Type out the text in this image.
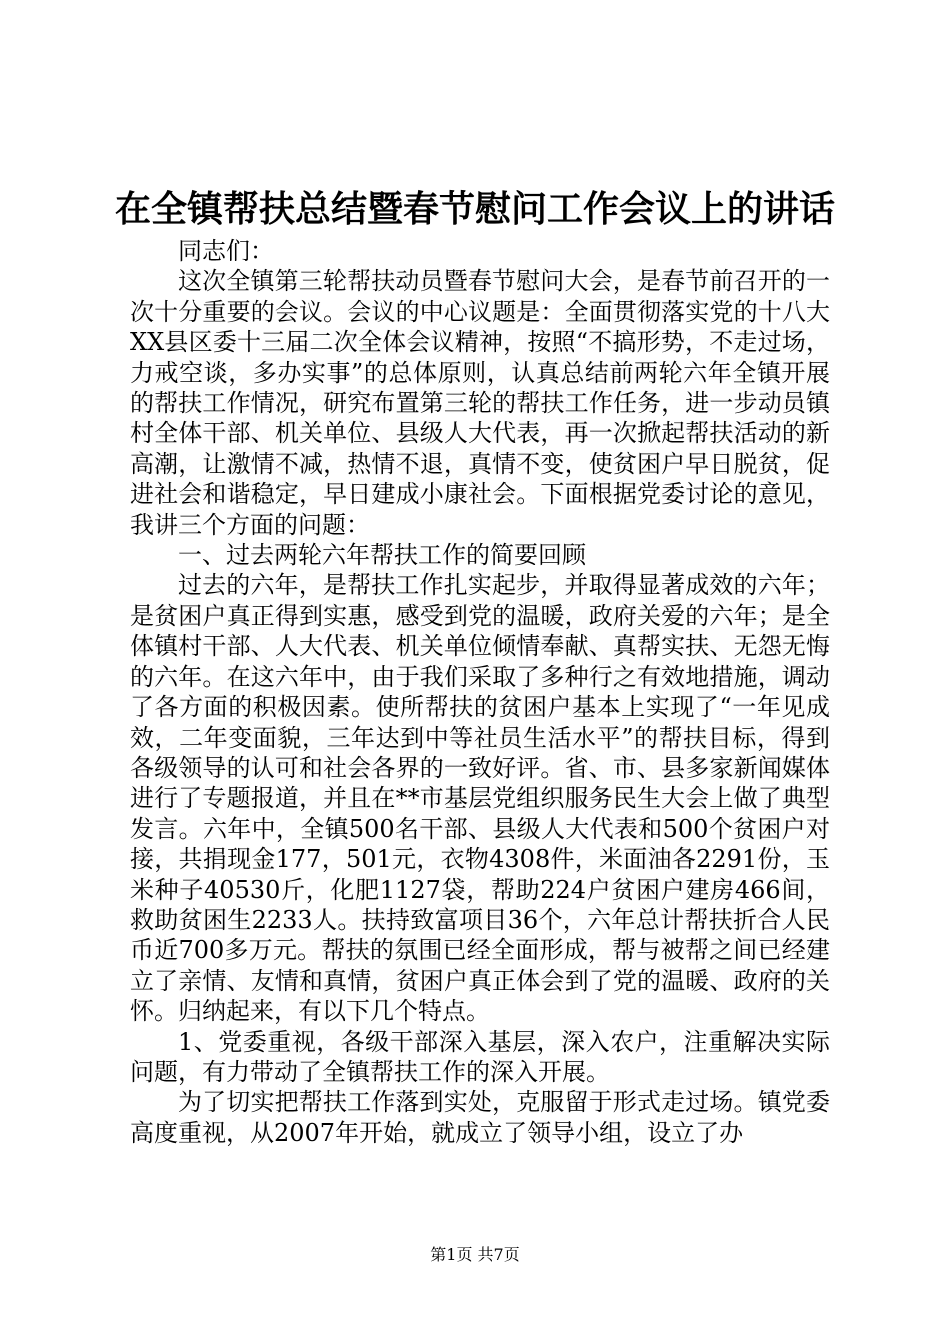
在全镇帮扶总结暨春节慰问工作会议上的讲话

同志们：

这次全镇第三轮帮扶动员暨春节慰问大会，是春节前召开的一次十分重要的会议。会议的中心议题是：全面贯彻落实党的十八大XX县区委十三届二次全体会议精神，按照“不搞形势，不走过场，力戒空谈，多办实事”的总体原则，认真总结前两轮六年全镇开展的帮扶工作情况，研究布置第三轮的帮扶工作任务，进一步动员镇村全体干部、机关单位、县级人大代表，再一次掀起帮扶活动的新高潮，让激情不减，热情不退，真情不变，使贫困户早日脱贫，促进社会和谐稳定，早日建成小康社会。下面根据党委讨论的意见，我讲三个方面的问题：

一、过去两轮六年帮扶工作的简要回顾

过去的六年，是帮扶工作扎实起步，并取得显著成效的六年；是贫困户真正得到实惠，感受到党的温暖，政府关爱的六年；是全体镇村干部、人大代表、机关单位倾情奉献、真帮实扶、无怨无悔的六年。在这六年中，由于我们采取了多种行之有效地措施，调动了各方面的积极因素。使所帮扶的贫困户基本上实现了“一年见成效，二年变面貌，三年达到中等社员生活水平”的帮扶目标，得到各级领导的认可和社会各界的一致好评。省、市、县多家新闻媒体进行了专题报道，并且在**市基层党组织服务民生大会上做了典型发言。六年中，全镇500名干部、县级人大代表和500个贫困户对接，共捐现金177，501元，衣物4308件，米面油各2291份，玉米种子40530斤，化肥1127袋，帮助224户贫困户建房466间，救助贫困生2233人。扶持致富项目36个，六年总计帮扶折合人民币近700多万元。帮扶的氛围已经全面形成，帮与被帮之间已经建立了亲情、友情和真情，贫困户真正体会到了党的温暖、政府的关怀。归纳起来，有以下几个特点。

1、党委重视，各级干部深入基层，深入农户，注重解决实际问题，有力带动了全镇帮扶工作的深入开展。

为了切实把帮扶工作落到实处，克服留于形式走过场。镇党委高度重视，从2007年开始，就成立了领导小组，设立了办

第1页 共7页
